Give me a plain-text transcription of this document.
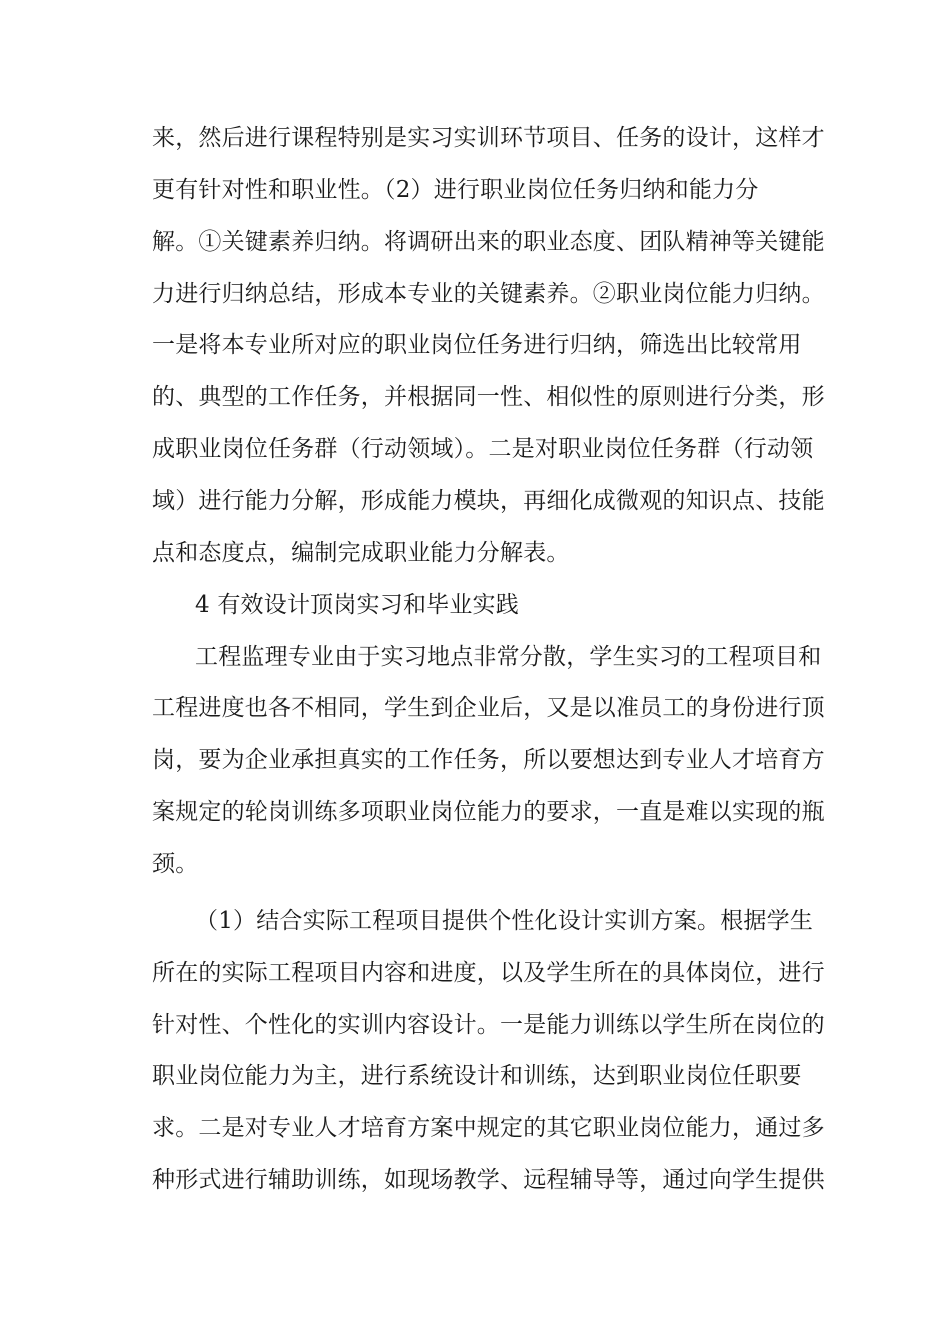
来，然后进行课程特别是实习实训环节项目、任务的设计，这样才
更有针对性和职业性。（2）进行职业岗位任务归纳和能力分
解。①关键素养归纳。将调研出来的职业态度、团队精神等关键能
力进行归纳总结，形成本专业的关键素养。②职业岗位能力归纳。
一是将本专业所对应的职业岗位任务进行归纳，筛选出比较常用
的、典型的工作任务，并根据同一性、相似性的原则进行分类，形
成职业岗位任务群（行动领域）。二是对职业岗位任务群（行动领
域）进行能力分解，形成能力模块，再细化成微观的知识点、技能
点和态度点，编制完成职业能力分解表。
4 有效设计顶岗实习和毕业实践
工程监理专业由于实习地点非常分散，学生实习的工程项目和
工程进度也各不相同，学生到企业后，又是以准员工的身份进行顶
岗，要为企业承担真实的工作任务，所以要想达到专业人才培育方
案规定的轮岗训练多项职业岗位能力的要求，一直是难以实现的瓶
颈。
（1）结合实际工程项目提供个性化设计实训方案。根据学生
所在的实际工程项目内容和进度，以及学生所在的具体岗位，进行
针对性、个性化的实训内容设计。一是能力训练以学生所在岗位的
职业岗位能力为主，进行系统设计和训练，达到职业岗位任职要
求。二是对专业人才培育方案中规定的其它职业岗位能力，通过多
种形式进行辅助训练，如现场教学、远程辅导等，通过向学生提供
